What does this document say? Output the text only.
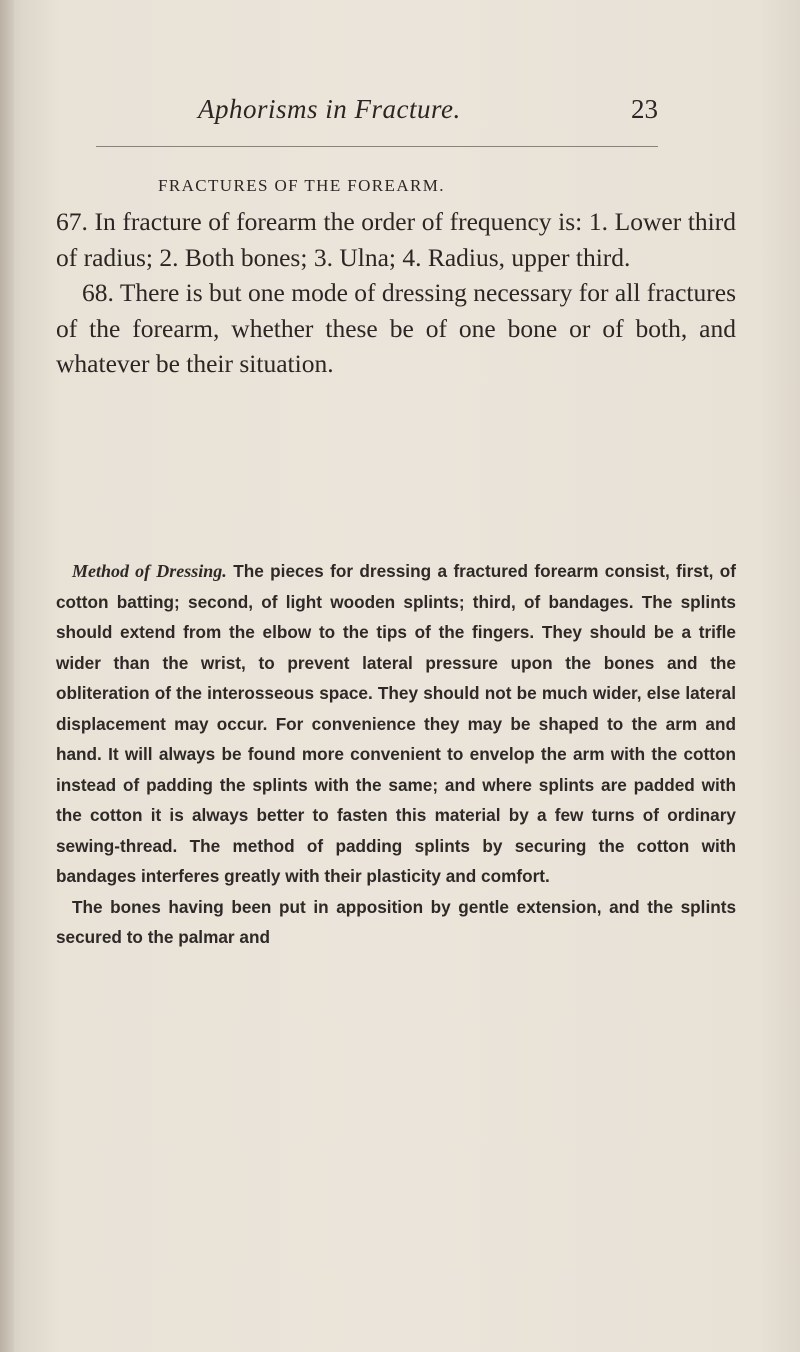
Aphorisms in Fracture.	23
FRACTURES OF THE FOREARM.

67. In fracture of forearm the order of frequency is: 1. Lower third of radius; 2. Both bones; 3. Ulna; 4. Radius, upper third.

68. There is but one mode of dressing necessary for all fractures of the forearm, whether these be of one bone or of both, and whatever be their situation.

Method of Dressing. The pieces for dressing a fractured forearm consist, first, of cotton batting; second, of light wooden splints; third, of bandages. The splints should extend from the elbow to the tips of the fingers. They should be a trifle wider than the wrist, to prevent lateral pressure upon the bones and the obliteration of the interosseous space. They should not be much wider, else lateral displacement may occur. For convenience they may be shaped to the arm and hand. It will always be found more convenient to envelop the arm with the cotton instead of padding the splints with the same; and where splints are padded with the cotton it is always better to fasten this material by a few turns of ordinary sewing-thread. The method of padding splints by securing the cotton with bandages interferes greatly with their plasticity and comfort.

The bones having been put in apposition by gentle extension, and the splints secured to the palmar and
